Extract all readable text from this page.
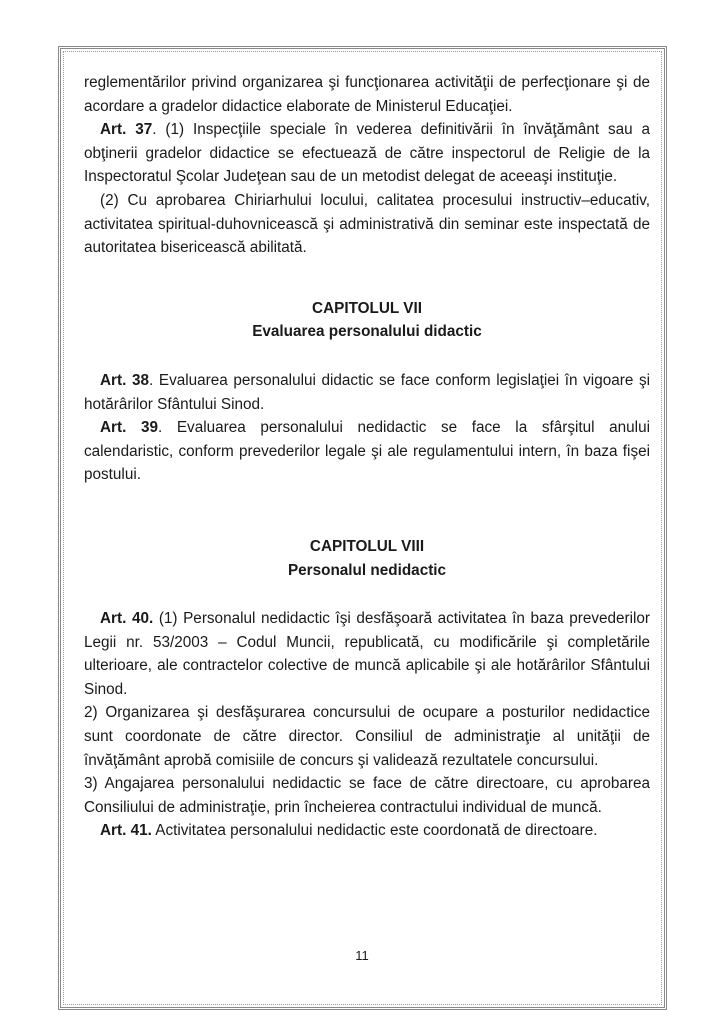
reglementărilor privind organizarea şi funcţionarea activităţii de perfecţionare şi de acordare a gradelor didactice elaborate de Ministerul Educaţiei.

Art. 37. (1) Inspecţiile speciale în vederea definitivării în învăţământ sau a obţinerii gradelor didactice se efectuează de către inspectorul de Religie de la Inspectoratul Şcolar Judeţean sau de un metodist delegat de aceeaşi instituţie.

(2) Cu aprobarea Chiriarhului locului, calitatea procesului instructiv–educativ, activitatea spiritual-duhovnicească şi administrativă din seminar este inspectată de autoritatea bisericească abilitată.

CAPITOLUL VII

Evaluarea personalului didactic

Art. 38. Evaluarea personalului didactic se face conform legislaţiei în vigoare şi hotărârilor Sfântului Sinod.

Art. 39. Evaluarea personalului nedidactic se face la sfârşitul anului calendaristic, conform prevederilor legale şi ale regulamentului intern, în baza fişei postului.

CAPITOLUL VIII

Personalul nedidactic

Art. 40. (1) Personalul nedidactic îşi desfăşoară activitatea în baza prevederilor Legii nr. 53/2003 – Codul Muncii, republicată, cu modificările şi completările ulterioare, ale contractelor colective de muncă aplicabile şi ale hotărârilor Sfântului Sinod.

2) Organizarea şi desfăşurarea concursului de ocupare a posturilor nedidactice sunt coordonate de către director. Consiliul de administraţie al unităţii de învăţământ aprobă comisiile de concurs şi validează rezultatele concursului.

3) Angajarea personalului nedidactic se face de către directoare, cu aprobarea Consiliului de administraţie, prin încheierea contractului individual de muncă.

Art. 41. Activitatea personalului nedidactic este coordonată de directoare.

11
